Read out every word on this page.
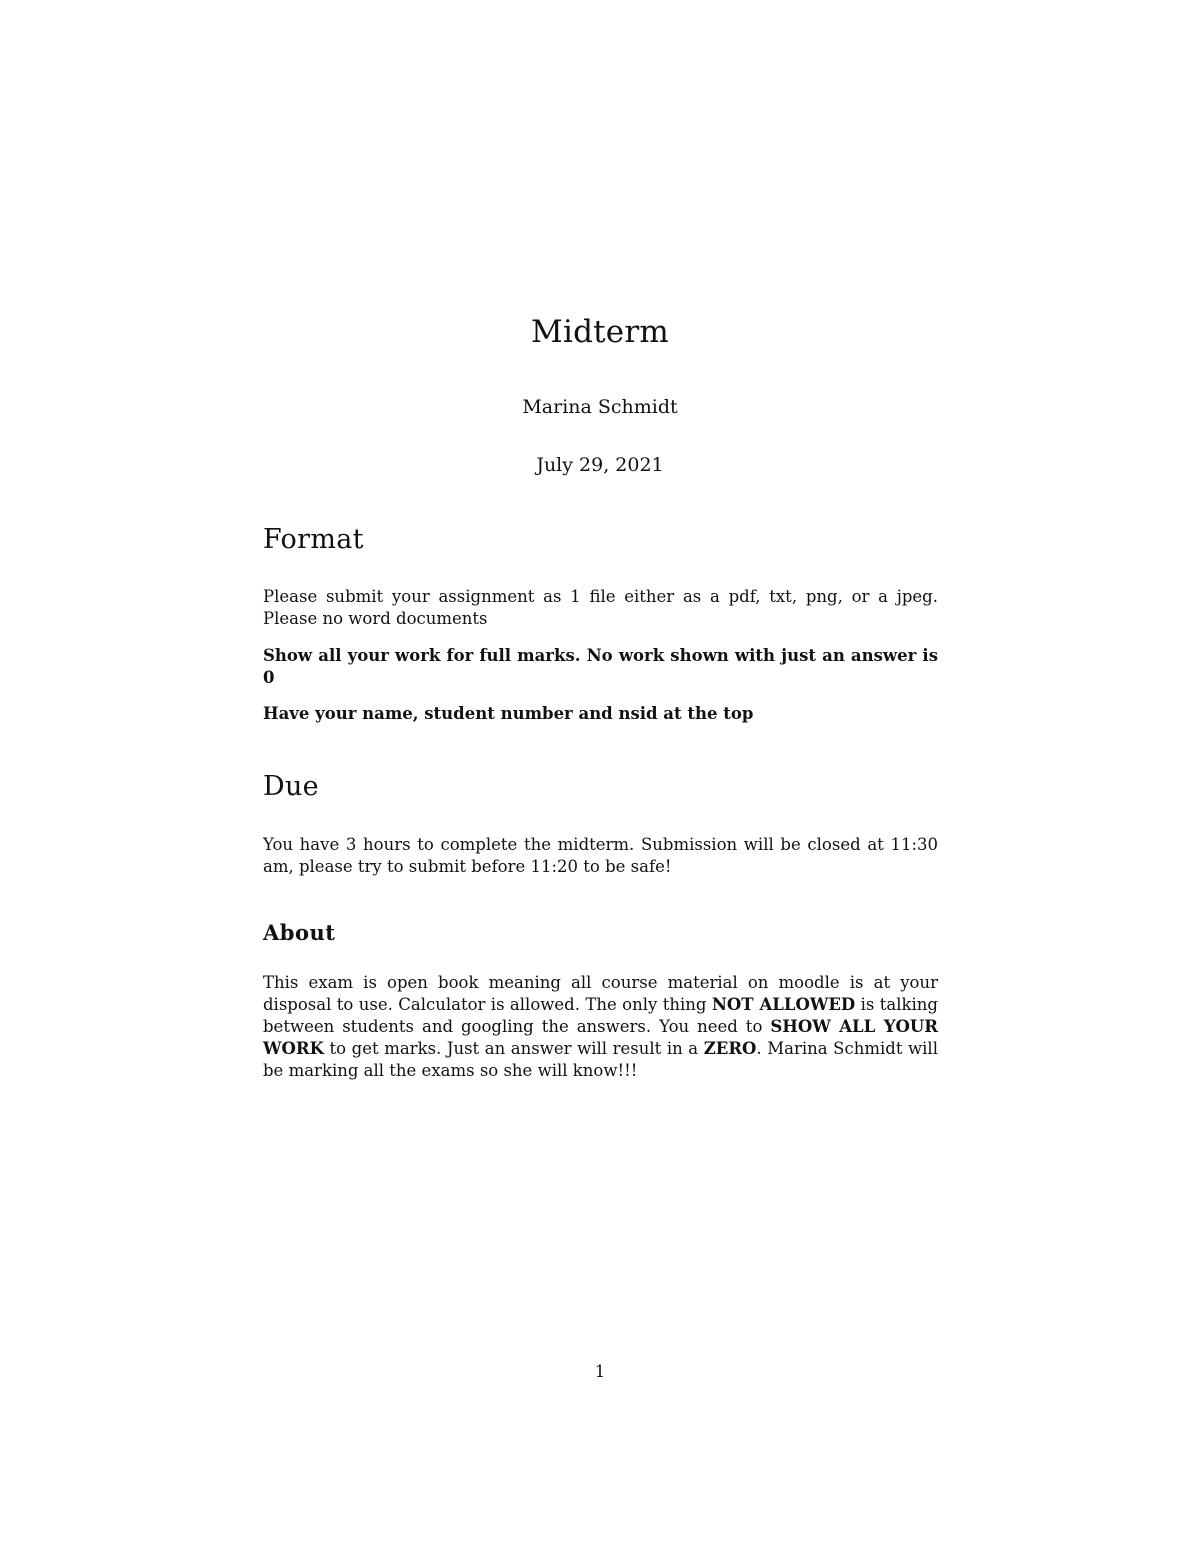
Midterm

Marina Schmidt

July 29, 2021

Format

Please submit your assignment as 1 file either as a pdf, txt, png, or a jpeg. Please no word documents

Show all your work for full marks. No work shown with just an answer is 0

Have your name, student number and nsid at the top

Due

You have 3 hours to complete the midterm. Submission will be closed at 11:30 am, please try to submit before 11:20 to be safe!

About

This exam is open book meaning all course material on moodle is at your disposal to use. Calculator is allowed. The only thing NOT ALLOWED is talking between students and googling the answers. You need to SHOW ALL YOUR WORK to get marks. Just an answer will result in a ZERO. Marina Schmidt will be marking all the exams so she will know!!!

1
